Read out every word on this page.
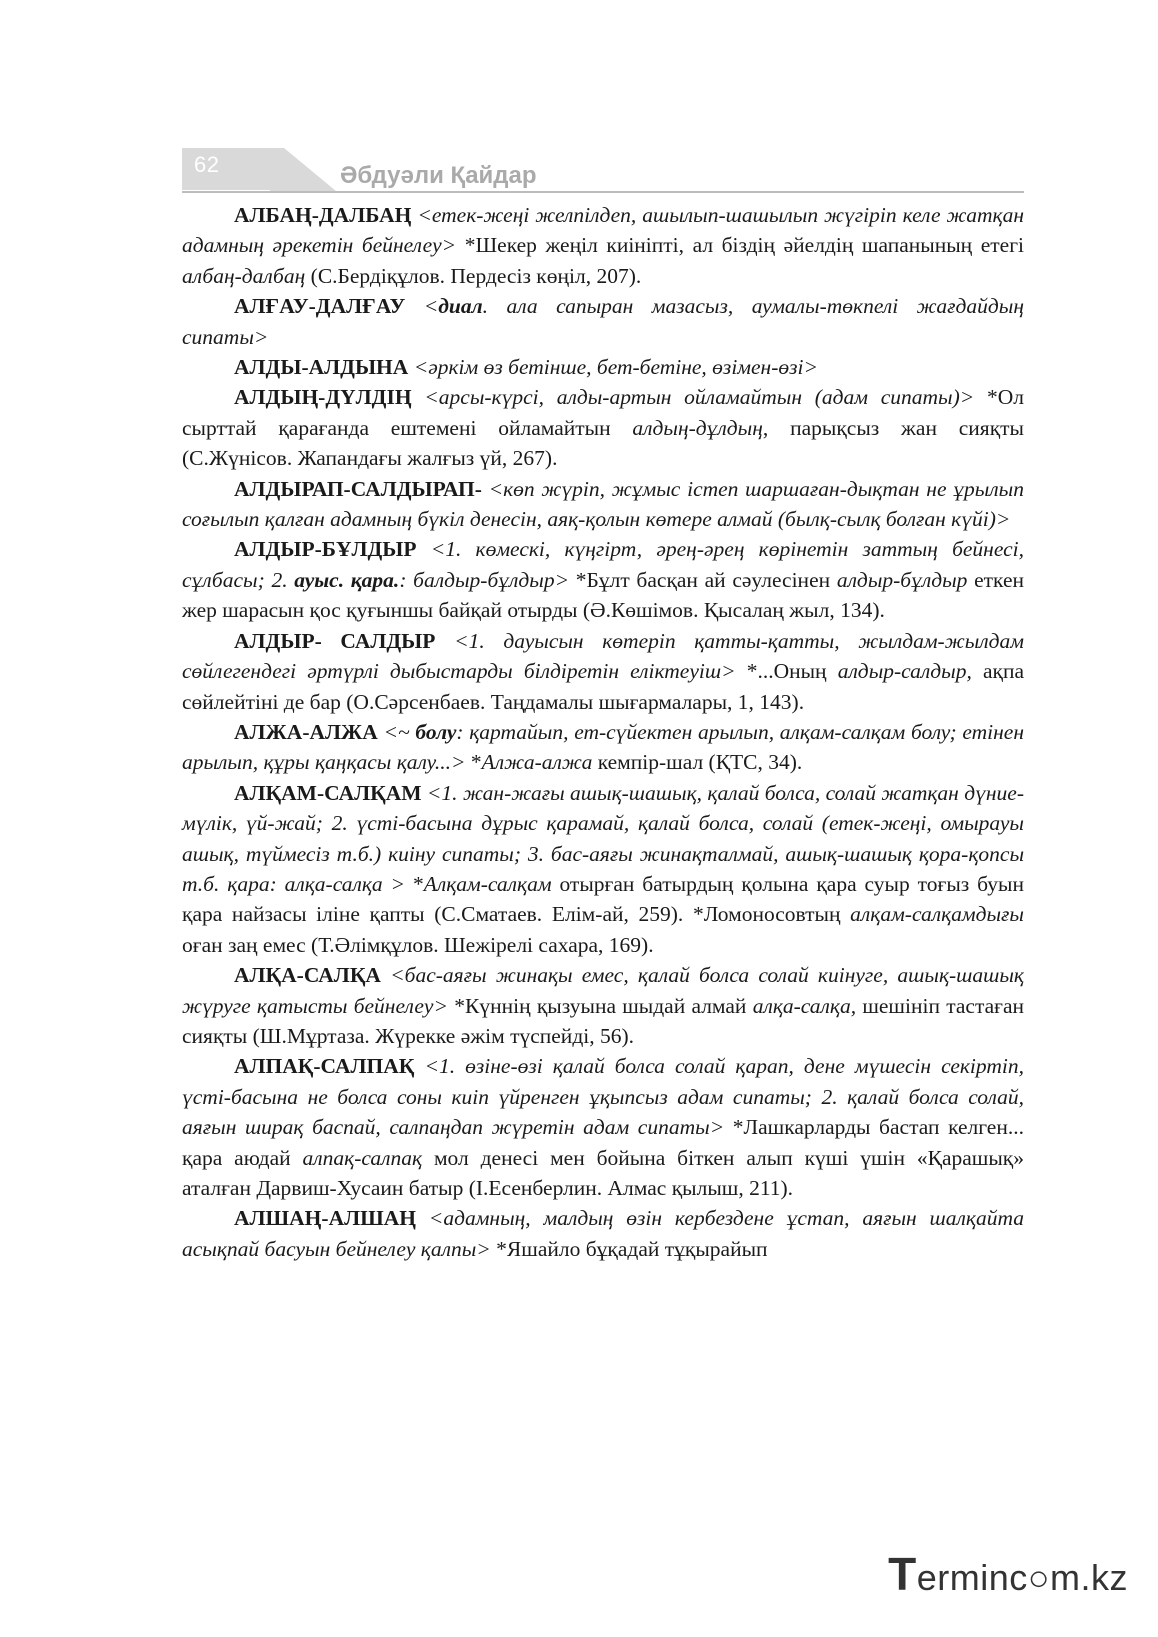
62	Әбдуәли Қайдар

АЛБАҢ-ДАЛБАҢ <етек-жеңі желпілдеп, ашылып-шашылып жүгіріп келе жатқан адамның әрекетін бейнелеу> *Шекер жеңіл киініпті, ал біздің әйелдің шапанының етегі албаң-далбаң (С.Бердіқұлов. Пердесіз көңіл, 207).

АЛҒАУ-ДАЛҒАУ <диал. ала сапыран мазасыз, аумалы-төкпелі жағдайдың сипаты>

АЛДЫ-АЛДЫНА <әркім өз бетінше, бет-бетіне, өзімен-өзі>

АЛДЫҢ-ДҮЛДІҢ <арсы-күрсі, алды-артын ойламайтын (адам сипаты)> *Ол сырттай қарағанда ештемені ойламайтын алдың-дұлдың, парықсыз жан сияқты (С.Жүнісов. Жапандағы жалғыз үй, 267).

АЛДЫРАП-САЛДЫРАП- <көп жүріп, жұмыс істеп шаршаған-дықтан не ұрылып соғылып қалған адамның бүкіл денесін, аяқ-қолын көтере алмай (былқ-сылқ болған күйі)>

АЛДЫР-БҰЛДЫР <1. көмескі, күңгірт, әрең-әрең көрінетін заттың бейнесі, сұлбасы; 2. ауыс. қара.: балдыр-бұлдыр> *Бұлт басқан ай сәулесінен алдыр-бұлдыр еткен жер шарасын қос қуғыншы байқай отырды (Ә.Көшімов. Қысалаң жыл, 134).

АЛДЫР- САЛДЫР <1. дауысын көтеріп қатты-қатты, жылдам-жылдам сөйлегендегі әртүрлі дыбыстарды білдіретін еліктеуіш> *...Оның алдыр-салдыр, ақпа сөйлейтіні де бар (О.Сәрсенбаев. Таңдамалы шығармалары, 1, 143).

АЛЖА-АЛЖА <~ болу: қартайып, ет-сүйектен арылып, алқам-салқам болу; етінен арылып, құры қаңқасы қалу...> *Алжа-алжа кемпір-шал (ҚТС, 34).

АЛҚАМ-САЛҚАМ <1. жан-жағы ашық-шашық, қалай болса, солай жатқан дүние-мүлік, үй-жай; 2. үсті-басына дұрыс қарамай, қалай болса, солай (етек-жеңі, омырауы ашық, түймесіз т.б.) киіну сипаты; 3. бас-аяғы жинақталмай, ашық-шашық қора-қопсы т.б. қара: алқа-салқа > *Алқам-салқам отырған батырдың қолына қара суыр тоғыз буын қара найзасы іліне қапты (С.Сматаев. Елім-ай, 259). *Ломоносовтың алқам-салқамдығы оған заң емес (Т.Әлімқұлов. Шежірелі сахара, 169).

АЛҚА-САЛҚА <бас-аяғы жинақы емес, қалай болса солай киінуге, ашық-шашық жүруге қатысты бейнелеу> *Күннің қызуына шыдай алмай алқа-салқа, шешініп тастаған сияқты (Ш.Мұртаза. Жүрекке әжім түспейді, 56).

АЛПАҚ-САЛПАҚ <1. өзіне-өзі қалай болса солай қарап, дене мүшесін секіртіп, үсті-басына не болса соны киіп үйренген ұқыпсыз адам сипаты; 2. қалай болса солай, аяғын ширақ баспай, салпаңдап жүретін адам сипаты> *Лашкарларды бастап келген... қара аюдай алпақ-салпақ мол денесі мен бойына біткен алып күші үшін «Қарашық» аталған Дарвиш-Хусаин батыр (І.Есенберлин. Алмас қылыш, 211).

АЛШАҢ-АЛШАҢ <адамның, малдың өзін кербездене ұстап, аяғын шалқайта асықпай басуын бейнелеу қалпы> *Яшайло бұқадай тұқырайып

Terminc○m.kz
